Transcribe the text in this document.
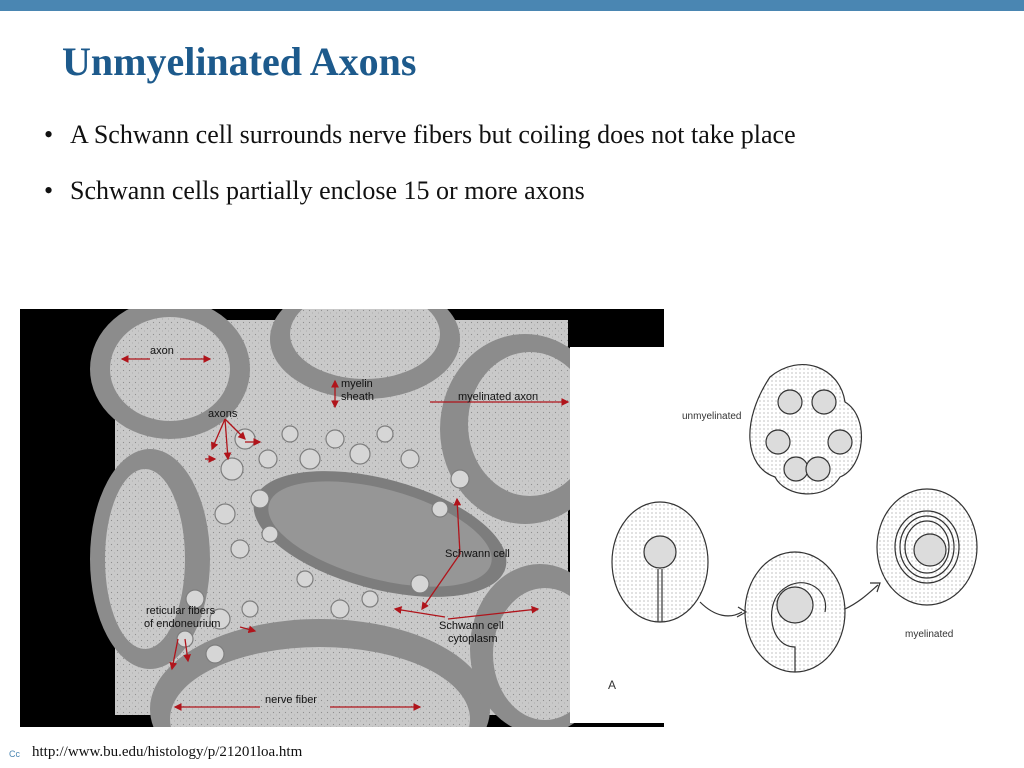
Unmyelinated Axons
• A Schwann cell surrounds nerve fibers but coiling does not take place
• Schwann cells partially enclose 15 or more axons
axon
myelin
sheath	myelinated axon
axons
Schwann cell
reticular fibers
of endoneurium	Schwann cell
cytoplasm
nerve fiber
unmyelinated
myelinated
A
Cc http://www.bu.edu/histology/p/21201loa.htm
